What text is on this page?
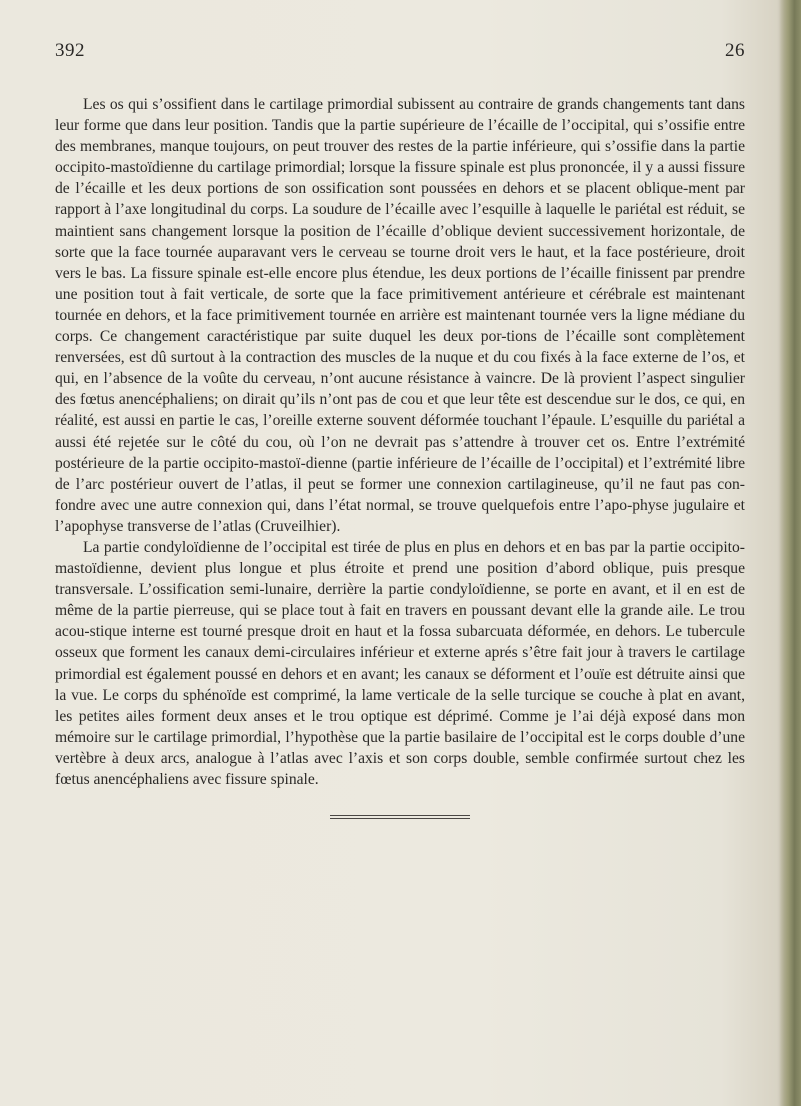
392	26

Les os qui s’ossifient dans le cartilage primordial subissent au contraire de grands changements tant dans leur forme que dans leur position. Tandis que la partie supérieure de l’écaille de l’occipital, qui s’ossifie entre des membranes, manque toujours, on peut trouver des restes de la partie inférieure, qui s’ossifie dans la partie occipito-mastoïdienne du cartilage primordial; lorsque la fissure spinale est plus prononcée, il y a aussi fissure de l’écaille et les deux portions de son ossification sont poussées en dehors et se placent oblique-ment par rapport à l’axe longitudinal du corps. La soudure de l’écaille avec l’esquille à laquelle le pariétal est réduit, se maintient sans changement lorsque la position de l’écaille d’oblique devient successivement horizontale, de sorte que la face tournée auparavant vers le cerveau se tourne droit vers le haut, et la face postérieure, droit vers le bas. La fissure spinale est-elle encore plus étendue, les deux portions de l’écaille finissent par prendre une position tout à fait verticale, de sorte que la face primitivement antérieure et cérébrale est maintenant tournée en dehors, et la face primitivement tournée en arrière est maintenant tournée vers la ligne médiane du corps. Ce changement caractéristique par suite duquel les deux por-tions de l’écaille sont complètement renversées, est dû surtout à la contraction des muscles de la nuque et du cou fixés à la face externe de l’os, et qui, en l’absence de la voûte du cerveau, n’ont aucune résistance à vaincre. De là provient l’aspect singulier des fœtus anencéphaliens; on dirait qu’ils n’ont pas de cou et que leur tête est descendue sur le dos, ce qui, en réalité, est aussi en partie le cas, l’oreille externe souvent déformée touchant l’épaule. L’esquille du pariétal a aussi été rejetée sur le côté du cou, où l’on ne devrait pas s’attendre à trouver cet os. Entre l’extrémité postérieure de la partie occipito-mastoï-dienne (partie inférieure de l’écaille de l’occipital) et l’extrémité libre de l’arc postérieur ouvert de l’atlas, il peut se former une connexion cartilagineuse, qu’il ne faut pas con-fondre avec une autre connexion qui, dans l’état normal, se trouve quelquefois entre l’apo-physe jugulaire et l’apophyse transverse de l’atlas (Cruveilhier).

La partie condyloïdienne de l’occipital est tirée de plus en plus en dehors et en bas par la partie occipito-mastoïdienne, devient plus longue et plus étroite et prend une position d’abord oblique, puis presque transversale. L’ossification semi-lunaire, derrière la partie condyloïdienne, se porte en avant, et il en est de même de la partie pierreuse, qui se place tout à fait en travers en poussant devant elle la grande aile. Le trou acou-stique interne est tourné presque droit en haut et la fossa subarcuata déformée, en dehors. Le tubercule osseux que forment les canaux demi-circulaires inférieur et externe aprés s’être fait jour à travers le cartilage primordial est également poussé en dehors et en avant; les canaux se déforment et l’ouïe est détruite ainsi que la vue. Le corps du sphénoïde est comprimé, la lame verticale de la selle turcique se couche à plat en avant, les petites ailes forment deux anses et le trou optique est déprimé. Comme je l’ai déjà exposé dans mon mémoire sur le cartilage primordial, l’hypothèse que la partie basilaire de l’occipital est le corps double d’une vertèbre à deux arcs, analogue à l’atlas avec l’axis et son corps double, semble confirmée surtout chez les fœtus anencéphaliens avec fissure spinale.
